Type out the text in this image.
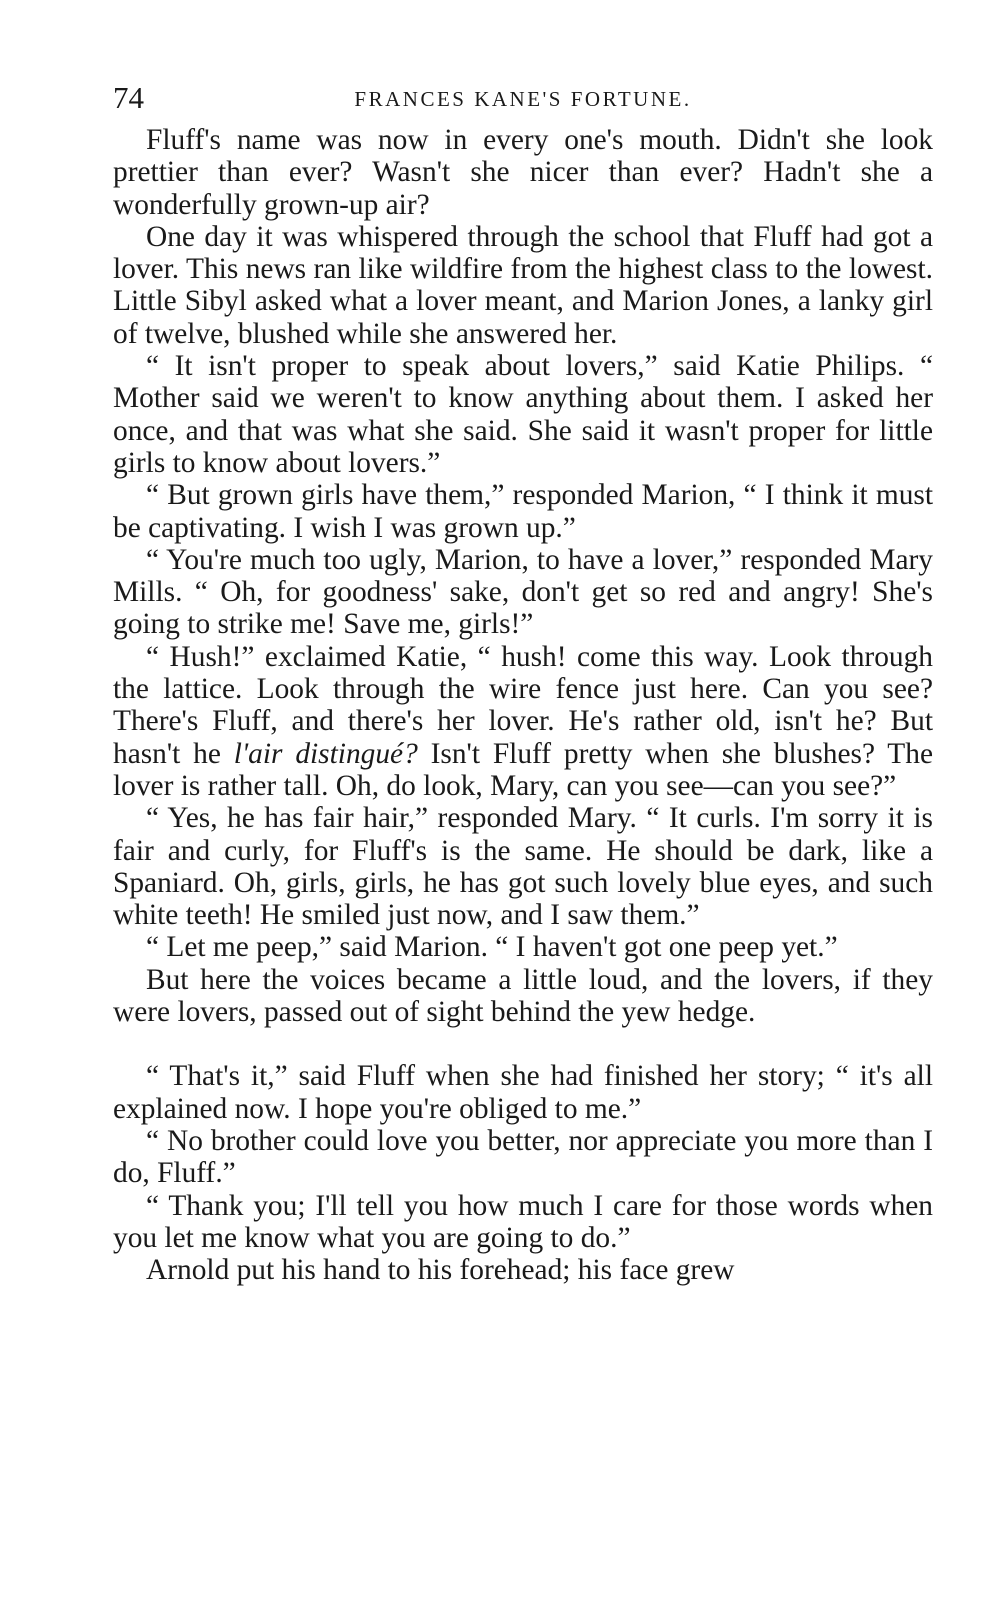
74	FRANCES KANE'S FORTUNE.

Fluff's name was now in every one's mouth. Didn't she look prettier than ever? Wasn't she nicer than ever? Hadn't she a wonderfully grown-up air?

One day it was whispered through the school that Fluff had got a lover. This news ran like wildfire from the highest class to the lowest. Little Sibyl asked what a lover meant, and Marion Jones, a lanky girl of twelve, blushed while she answered her.

“ It isn't proper to speak about lovers,” said Katie Philips. “ Mother said we weren't to know anything about them. I asked her once, and that was what she said. She said it wasn't proper for little girls to know about lovers.”

“ But grown girls have them,” responded Marion, “ I think it must be captivating. I wish I was grown up.”

“ You're much too ugly, Marion, to have a lover,” responded Mary Mills. “ Oh, for goodness' sake, don't get so red and angry! She's going to strike me! Save me, girls!”

“ Hush!” exclaimed Katie, “ hush! come this way. Look through the lattice. Look through the wire fence just here. Can you see? There's Fluff, and there's her lover. He's rather old, isn't he? But hasn't he l'air distingué? Isn't Fluff pretty when she blushes? The lover is rather tall. Oh, do look, Mary, can you see—can you see?”

“ Yes, he has fair hair,” responded Mary. “ It curls. I'm sorry it is fair and curly, for Fluff's is the same. He should be dark, like a Spaniard. Oh, girls, girls, he has got such lovely blue eyes, and such white teeth! He smiled just now, and I saw them.”

“ Let me peep,” said Marion. “ I haven't got one peep yet.”

But here the voices became a little loud, and the lovers, if they were lovers, passed out of sight behind the yew hedge.

“ That's it,” said Fluff when she had finished her story; “ it's all explained now. I hope you're obliged to me.”

“ No brother could love you better, nor appreciate you more than I do, Fluff.”

“ Thank you; I'll tell you how much I care for those words when you let me know what you are going to do.”

Arnold put his hand to his forehead; his face grew
